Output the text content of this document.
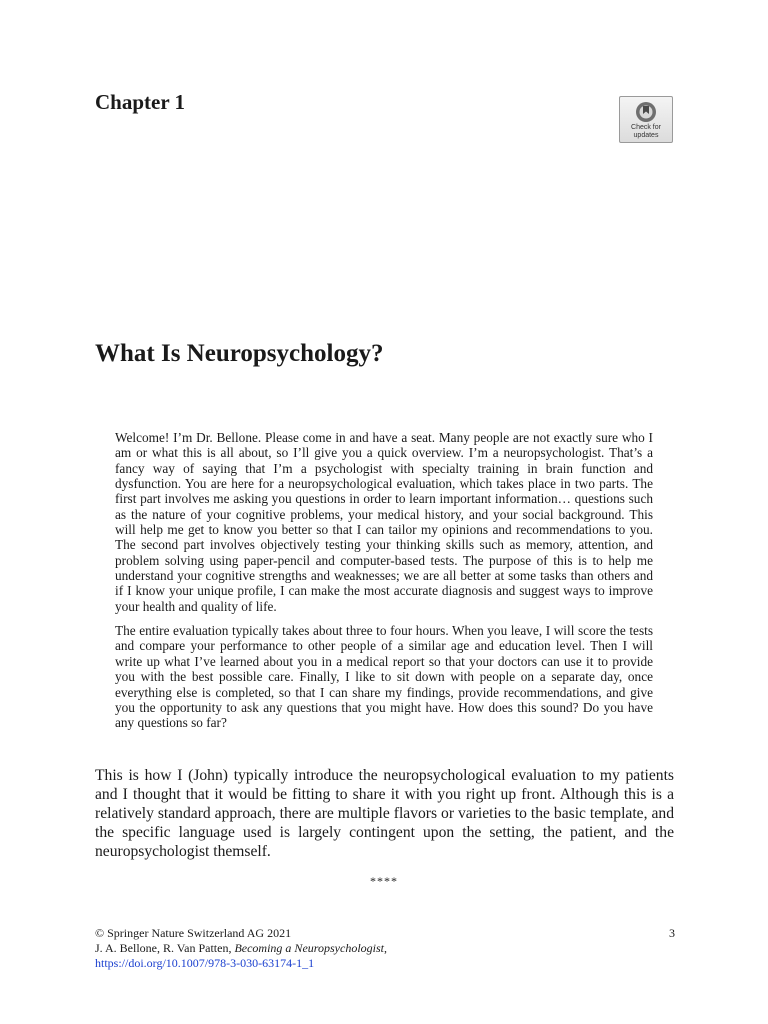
Chapter 1
Check for updates
What Is Neuropsychology?

Welcome! I’m Dr. Bellone. Please come in and have a seat. Many people are not exactly sure who I am or what this is all about, so I’ll give you a quick overview. I’m a neuropsychologist. That’s a fancy way of saying that I’m a psychologist with specialty training in brain function and dysfunction. You are here for a neuropsychological evaluation, which takes place in two parts. The first part involves me asking you questions in order to learn important information… questions such as the nature of your cognitive problems, your medical history, and your social background. This will help me get to know you better so that I can tailor my opinions and recommendations to you. The second part involves objectively testing your thinking skills such as memory, attention, and problem solving using paper-pencil and computer-based tests. The purpose of this is to help me understand your cognitive strengths and weaknesses; we are all better at some tasks than others and if I know your unique profile, I can make the most accurate diagnosis and suggest ways to improve your health and quality of life.

The entire evaluation typically takes about three to four hours. When you leave, I will score the tests and compare your performance to other people of a similar age and education level. Then I will write up what I’ve learned about you in a medical report so that your doctors can use it to provide you with the best possible care. Finally, I like to sit down with people on a separate day, once everything else is completed, so that I can share my findings, provide recommendations, and give you the opportunity to ask any questions that you might have. How does this sound? Do you have any questions so far?

This is how I (John) typically introduce the neuropsychological evaluation to my patients and I thought that it would be fitting to share it with you right up front. Although this is a relatively standard approach, there are multiple flavors or varieties to the basic template, and the specific language used is largely contingent upon the setting, the patient, and the neuropsychologist themself.

****

© Springer Nature Switzerland AG 2021	3
J. A. Bellone, R. Van Patten, Becoming a Neuropsychologist,
https://doi.org/10.1007/978-3-030-63174-1_1
